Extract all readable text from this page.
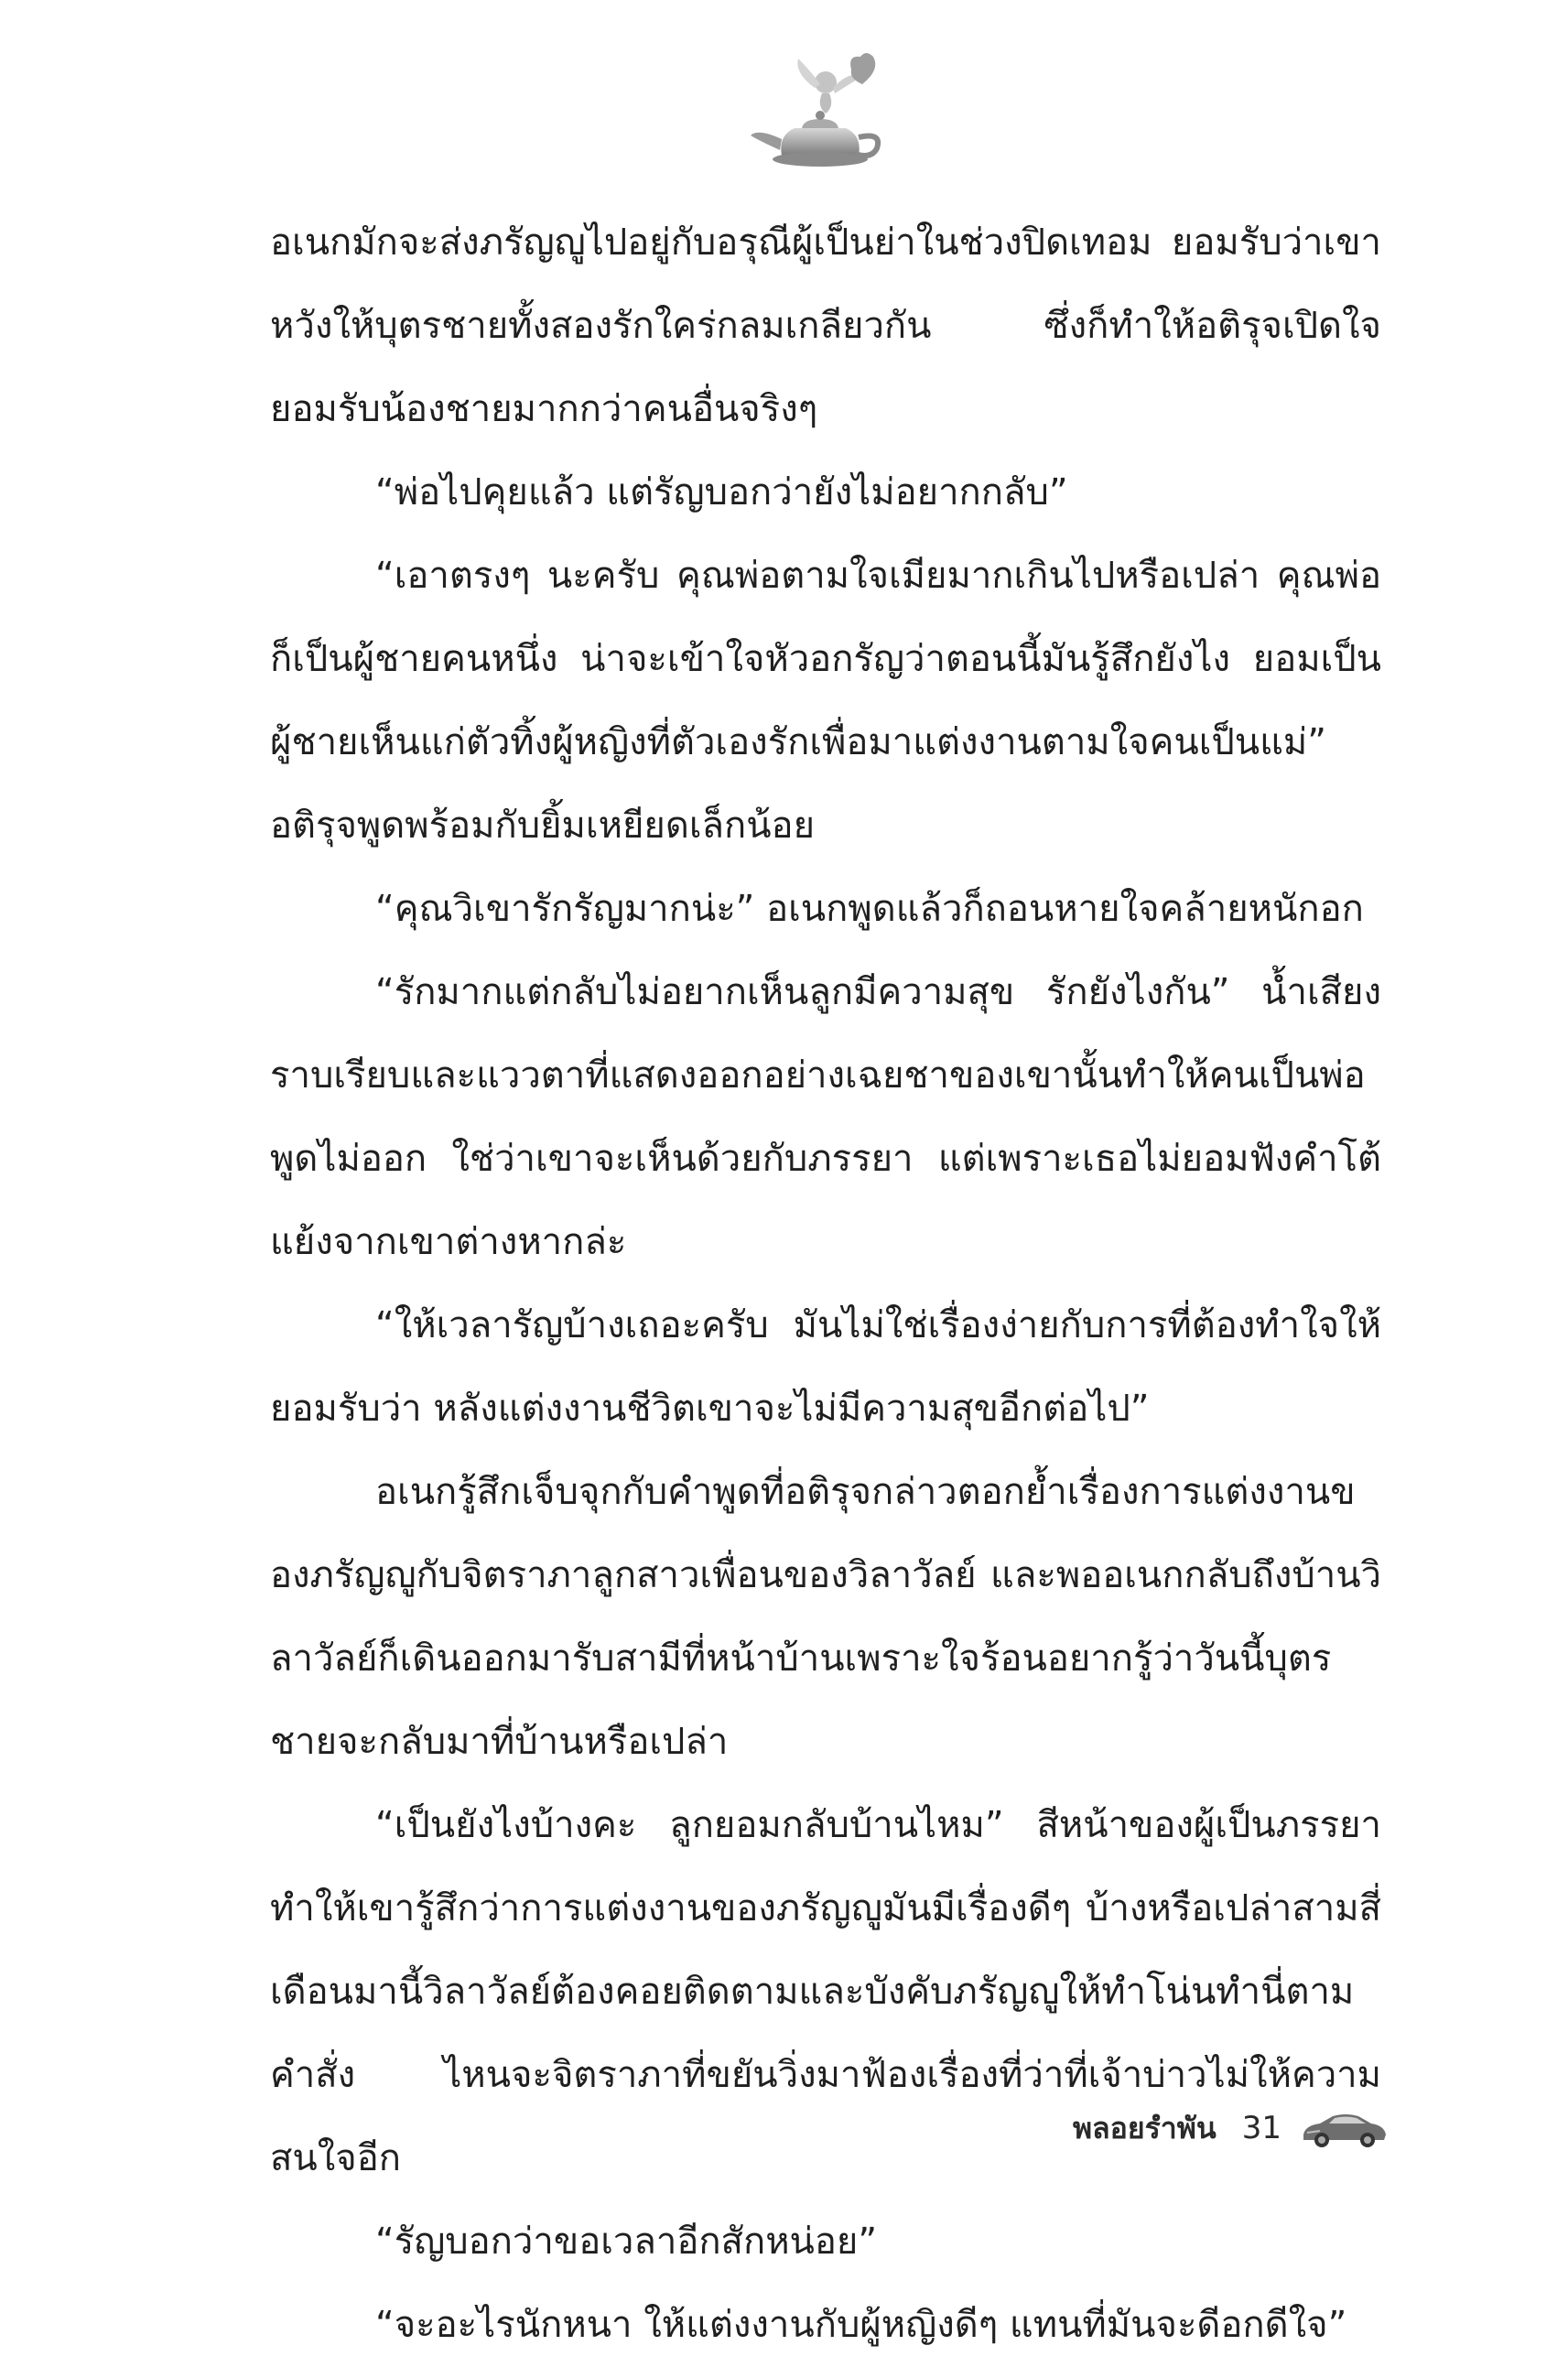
อเนกมักจะส่งภรัญญูไปอยู่กับอรุณีผู้เป็นย่าในช่วงปิดเทอม ยอมรับว่าเขาหวังให้บุตรชายทั้งสองรักใคร่กลมเกลียวกัน ซึ่งก็ทำให้อติรุจเปิดใจยอมรับน้องชายมากกว่าคนอื่นจริงๆ

“พ่อไปคุยแล้ว แต่รัญบอกว่ายังไม่อยากกลับ”

“เอาตรงๆ นะครับ คุณพ่อตามใจเมียมากเกินไปหรือเปล่า คุณพ่อก็เป็นผู้ชายคนหนึ่ง น่าจะเข้าใจหัวอกรัญว่าตอนนี้มันรู้สึกยังไง ยอมเป็นผู้ชายเห็นแก่ตัวทิ้งผู้หญิงที่ตัวเองรักเพื่อมาแต่งงานตามใจคนเป็นแม่” อติรุจพูดพร้อมกับยิ้มเหยียดเล็กน้อย

“คุณวิเขารักรัญมากน่ะ” อเนกพูดแล้วก็ถอนหายใจคล้ายหนักอก

“รักมากแต่กลับไม่อยากเห็นลูกมีความสุข รักยังไงกัน” น้ำเสียงราบเรียบและแววตาที่แสดงออกอย่างเฉยชาของเขานั้นทำให้คนเป็นพ่อพูดไม่ออก ใช่ว่าเขาจะเห็นด้วยกับภรรยา แต่เพราะเธอไม่ยอมฟังคำโต้แย้งจากเขาต่างหากล่ะ

“ให้เวลารัญบ้างเถอะครับ มันไม่ใช่เรื่องง่ายกับการที่ต้องทำใจให้ยอมรับว่า หลังแต่งงานชีวิตเขาจะไม่มีความสุขอีกต่อไป”

อเนกรู้สึกเจ็บจุกกับคำพูดที่อติรุจกล่าวตอกย้ำเรื่องการแต่งงานของภรัญญูกับจิตราภาลูกสาวเพื่อนของวิลาวัลย์ และพออเนกกลับถึงบ้านวิลาวัลย์ก็เดินออกมารับสามีที่หน้าบ้านเพราะใจร้อนอยากรู้ว่าวันนี้บุตรชายจะกลับมาที่บ้านหรือเปล่า

“เป็นยังไงบ้างคะ ลูกยอมกลับบ้านไหม” สีหน้าของผู้เป็นภรรยาทำให้เขารู้สึกว่าการแต่งงานของภรัญญูมันมีเรื่องดีๆ บ้างหรือเปล่าสามสี่เดือนมานี้วิลาวัลย์ต้องคอยติดตามและบังคับภรัญญูให้ทำโน่นทำนี่ตามคำสั่ง ไหนจะจิตราภาที่ขยันวิ่งมาฟ้องเรื่องที่ว่าที่เจ้าบ่าวไม่ให้ความสนใจอีก

“รัญบอกว่าขอเวลาอีกสักหน่อย”

“จะอะไรนักหนา ให้แต่งงานกับผู้หญิงดีๆ แทนที่มันจะดีอกดีใจ”

พลอยรำพัน 31
